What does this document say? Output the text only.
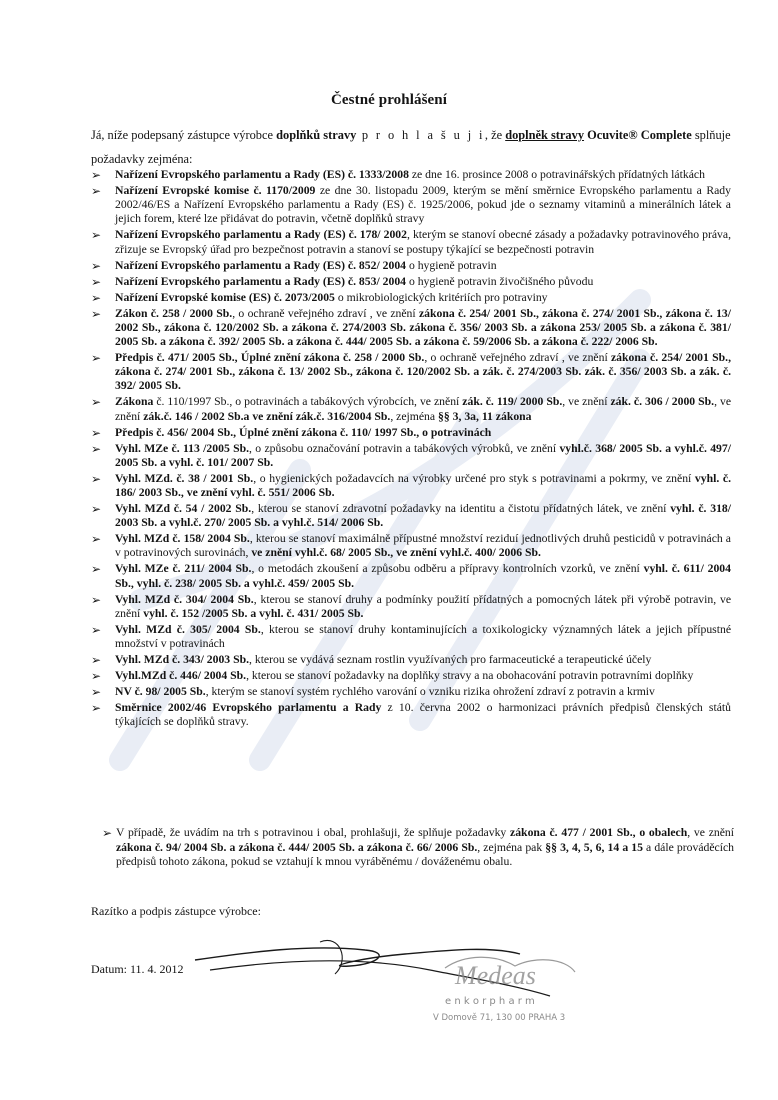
Čestné prohlášení
Já, níže podepsaný zástupce výrobce doplňků stravy p r o h l a š u j i, že doplněk stravy Ocuvite® Complete splňuje
požadavky zejména:
➢ Nařízení Evropského parlamentu a Rady (ES) č. 1333/2008 ze dne 16. prosince 2008 o potravinářských přídatných látkách
➢ Nařízení Evropské komise č. 1170/2009 ze dne 30. listopadu 2009, kterým se mění směrnice Evropského parlamentu a Rady 2002/46/ES a Nařízení Evropského parlamentu a Rady (ES) č. 1925/2006, pokud jde o seznamy vitaminů a minerálních látek a jejich forem, které lze přidávat do potravin, včetně doplňků stravy
➢ Nařízení Evropského parlamentu a Rady (ES) č. 178/ 2002, kterým se stanoví obecné zásady a požadavky potravinového práva, zřizuje se Evropský úřad pro bezpečnost potravin a stanoví se postupy týkající se bezpečnosti potravin
➢ Nařízení Evropského parlamentu a Rady (ES) č. 852/ 2004 o hygieně potravin
➢ Nařízení Evropského parlamentu a Rady (ES) č. 853/ 2004 o hygieně potravin živočišného původu
➢ Nařízení Evropské komise (ES) č. 2073/2005 o mikrobiologických kritériích pro potraviny
➢ Zákon č. 258 / 2000 Sb., o ochraně veřejného zdraví , ve znění zákona č. 254/ 2001 Sb., zákona č. 274/ 2001 Sb., zákona č. 13/ 2002 Sb., zákona č. 120/2002 Sb. a zákona č. 274/2003 Sb. zákona č. 356/ 2003 Sb. a zákona 253/ 2005 Sb. a zákona č. 381/ 2005 Sb. a zákona č. 392/ 2005 Sb. a zákona č. 444/ 2005 Sb. a zákona č. 59/2006 Sb. a zákona č. 222/ 2006 Sb.
➢ Předpis č. 471/ 2005 Sb., Úplné znění zákona č. 258 / 2000 Sb., o ochraně veřejného zdraví , ve znění zákona č. 254/ 2001 Sb., zákona č. 274/ 2001 Sb., zákona č. 13/ 2002 Sb., zákona č. 120/2002 Sb. a zák. č. 274/2003 Sb. zák. č. 356/ 2003 Sb. a zák. č. 392/ 2005 Sb.
➢ Zákona č. 110/1997 Sb., o potravinách a tabákových výrobcích, ve znění zák. č. 119/ 2000 Sb., ve znění zák. č. 306 / 2000 Sb., ve znění zák.č. 146 / 2002 Sb.a ve znění zák.č. 316/2004 Sb., zejména §§ 3, 3a, 11 zákona
➢ Předpis č. 456/ 2004 Sb., Úplné znění zákona č. 110/ 1997 Sb., o potravinách
➢ Vyhl. MZe č. 113 /2005 Sb., o způsobu označování potravin a tabákových výrobků, ve znění vyhl.č. 368/ 2005 Sb. a vyhl.č. 497/ 2005 Sb. a vyhl. č. 101/ 2007 Sb.
➢ Vyhl. MZd. č. 38 / 2001 Sb., o hygienických požadavcích na výrobky určené pro styk s potravinami a pokrmy, ve znění vyhl. č. 186/ 2003 Sb., ve znění vyhl. č. 551/ 2006 Sb.
➢ Vyhl. MZd č. 54 / 2002 Sb., kterou se stanoví zdravotní požadavky na identitu a čistotu přídatných látek, ve znění vyhl. č. 318/ 2003 Sb. a vyhl.č. 270/ 2005 Sb. a vyhl.č. 514/ 2006 Sb.
➢ Vyhl. MZd č. 158/ 2004 Sb., kterou se stanoví maximálně přípustné množství reziduí jednotlivých druhů pesticidů v potravinách a v potravinových surovinách, ve znění vyhl.č. 68/ 2005 Sb., ve znění vyhl.č. 400/ 2006 Sb.
➢ Vyhl. MZe č. 211/ 2004 Sb., o metodách zkoušení a způsobu odběru a přípravy kontrolních vzorků, ve znění vyhl. č. 611/ 2004 Sb., vyhl. č. 238/ 2005 Sb. a vyhl.č. 459/ 2005 Sb.
➢ Vyhl. MZd č. 304/ 2004 Sb., kterou se stanoví druhy a podmínky použití přídatných a pomocných látek při výrobě potravin, ve znění vyhl. č. 152 /2005 Sb. a vyhl. č. 431/ 2005 Sb.
➢ Vyhl. MZd č. 305/ 2004 Sb., kterou se stanoví druhy kontaminujících a toxikologicky významných látek a jejich přípustné množství v potravinách
➢ Vyhl. MZd č. 343/ 2003 Sb., kterou se vydává seznam rostlin využívaných pro farmaceutické a terapeutické účely
➢ Vyhl.MZd č. 446/ 2004 Sb., kterou se stanoví požadavky na doplňky stravy a na obohacování potravin potravními doplňky
➢ NV č. 98/ 2005 Sb., kterým se stanoví systém rychlého varování o vzniku rizika ohrožení zdraví z potravin a krmiv
➢ Směrnice 2002/46 Evropského parlamentu a Rady z 10. června 2002 o harmonizaci právních předpisů členských států týkajících se doplňků stravy.
➢ V případě, že uvádím na trh s potravinou i obal, prohlašuji, že splňuje požadavky zákona č. 477 / 2001 Sb., o obalech, ve znění zákona č. 94/ 2004 Sb. a zákona č. 444/ 2005 Sb. a zákona č. 66/ 2006 Sb., zejména pak §§ 3, 4, 5, 6, 14 a 15 a dále prováděcích předpisů tohoto zákona, pokud se vztahují k mnou vyráběnému / dováženému obalu.
Razítko a podpis zástupce výrobce:
Datum: 11. 4. 2012	Medeas
e n k o r p h a r m
V Domově 71, 130 00 PRAHA 3
